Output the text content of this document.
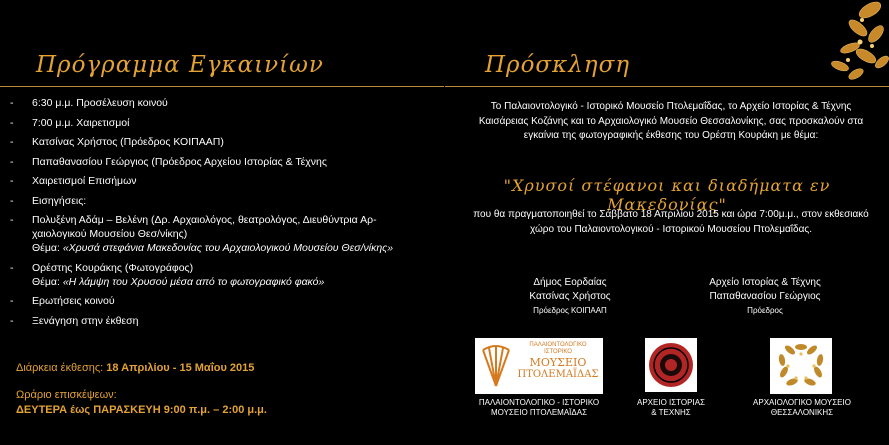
Πρόγραμμα Εγκαινίων
- 6:30 μ.μ. Προσέλευση κοινού
- 7:00 μ.μ. Χαιρετισμοί
- Κατσίνας Χρήστος (Πρόεδρος ΚΟΙΠΑΑΠ)
- Παπαθανασίου Γεώργιος (Πρόεδρος Αρχείου Ιστορίας & Τέχνης
- Χαιρετισμοί Επισήμων
- Εισηγήσεις:
- Πολυξένη Αδάμ – Βελένη (Δρ. Αρχαιολόγος, θεατρολόγος, Διευθύντρια Αρ-χαιολογικού Μουσείου Θεσ/νίκης)
Θέμα: «Χρυσά στεφάνια Μακεδονίας του Αρχαιολογικού Μουσείου Θεσ/νίκης»
- Ορέστης Κουράκης (Φωτογράφος)
Θέμα: «Η λάμψη του Χρυσού μέσα από το φωτογραφικό φακό»
- Ερωτήσεις κοινού
- Ξενάγηση στην έκθεση
Διάρκεια έκθεσης: 18 Απριλίου - 15 Μαΐου 2015
Ωράριο επισκέψεων:
ΔΕΥΤΕΡΑ έως ΠΑΡΑΣΚΕΥΗ 9:00 π.μ. – 2:00 μ.μ.
Πρόσκληση
Το Παλαιοντολογικό - Ιστορικό Μουσείο Πτολεμαΐδας, το Αρχείο Ιστορίας & Τέχνης Καισάρειας Κοζάνης και το Αρχαιολογικό Μουσείο Θεσσαλονίκης, σας προσκαλούν στα εγκαίνια της φωτογραφικής έκθεσης του Ορέστη Κουράκη με θέμα:
"Χρυσοί στέφανοι και διαδήματα εν Μακεδονίας"
που θα πραγματοποιηθεί το Σάββατο 18 Απριλίου 2015 και ώρα 7:00μ.μ., στον εκθεσιακό χώρο του Παλαιοντολογικού - Ιστορικού Μουσείου Πτολεμαΐδας.
Δήμος Εορδαίας
Κατσίνας Χρήστος
Πρόεδρος ΚΟΙΠΑΑΠ
Αρχείο Ιστορίας & Τέχνης
Παπαθανασίου Γεώργιος
Πρόεδρος
ΠΑΛΑΙΟΝΤΟΛΟΓΙΚΟ
ΙΣΤΟΡΙΚΟ
ΜΟΥΣΕΙΟ
ΠΤΟΛΕΜΑΪΔΑΣ
ΠΑΛΑΙΟΝΤΟΛΟΓΙΚΟ - ΙΣΤΟΡΙΚΟ
ΜΟΥΣΕΙΟ ΠΤΟΛΕΜΑΪΔΑΣ
ΑΡΧΕΙΟ ΙΣΤΟΡΙΑΣ
& ΤΕΧΝΗΣ
ΑΡΧΑΙΟΛΟΓΙΚΟ ΜΟΥΣΕΙΟ
ΘΕΣΣΑΛΟΝΙΚΗΣ
